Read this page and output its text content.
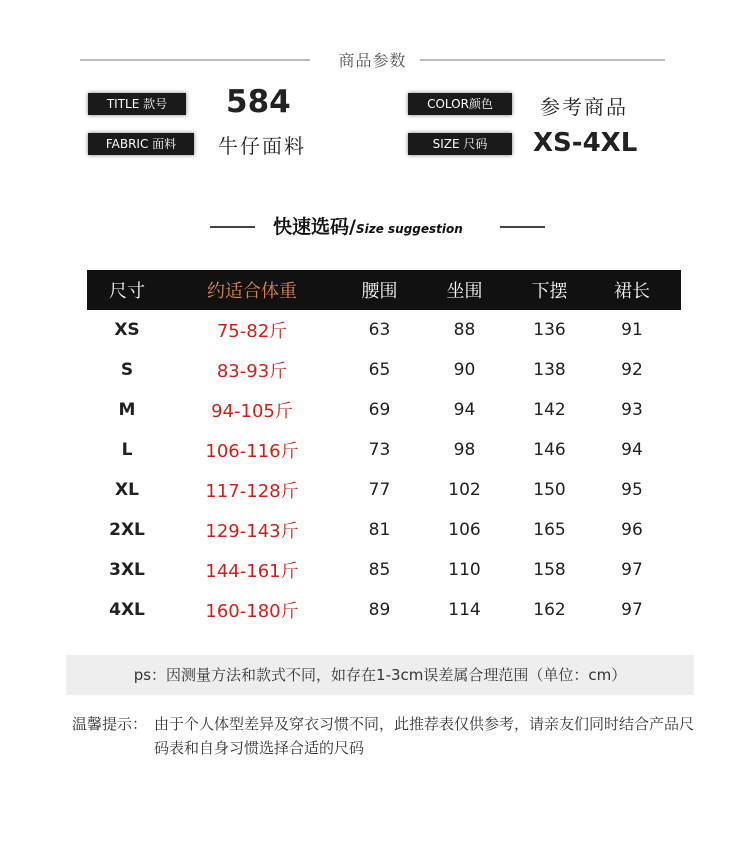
商品参数
TITLE 款号	584	COLOR颜色	参考商品
FABRIC 面料	牛仔面料	SIZE 尺码	XS-4XL
快速选码/Size suggestion
尺寸	约适合体重	腰围	坐围	下摆	裙长
XS	75-82斤	63	88	136	91
S	83-93斤	65	90	138	92
M	94-105斤	69	94	142	93
L	106-116斤	73	98	146	94
XL	117-128斤	77	102	150	95
2XL	129-143斤	81	106	165	96
3XL	144-161斤	85	110	158	97
4XL	160-180斤	89	114	162	97
ps：因测量方法和款式不同，如存在1-3cm误差属合理范围（单位：cm）
温馨提示： 由于个人体型差异及穿衣习惯不同，此推荐表仅供参考，请亲友们同时结合产品尺码表和自身习惯选择合适的尺码
